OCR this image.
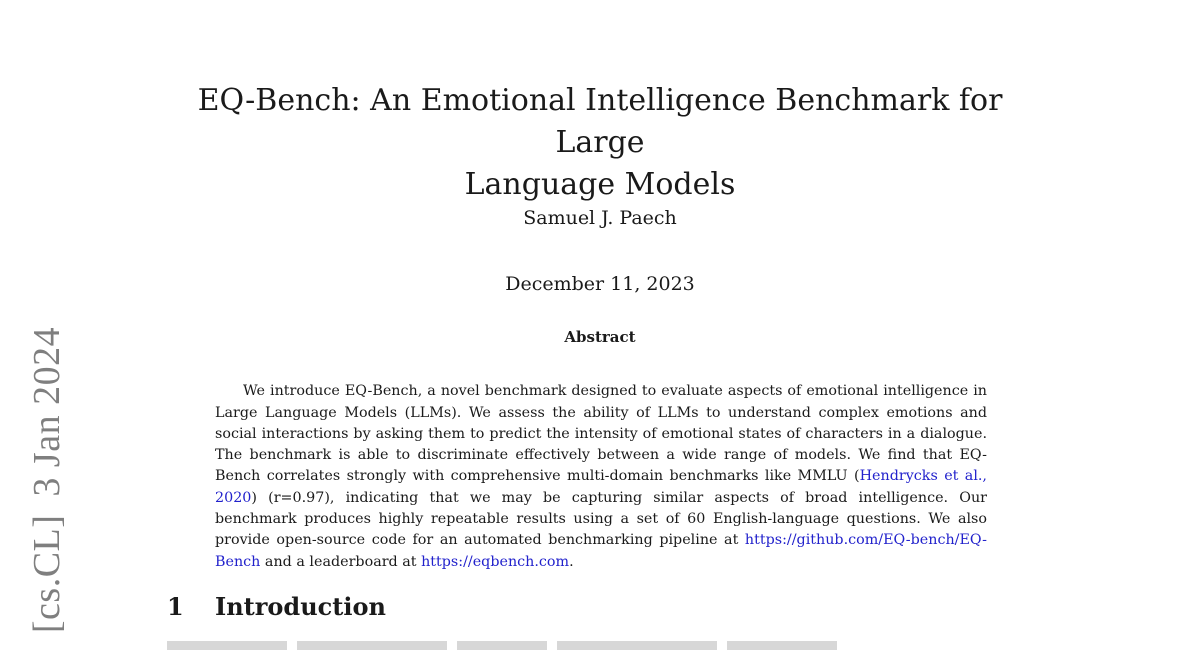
[cs.CL]3 Jan 2024
EQ-Bench: An Emotional Intelligence Benchmark for Large
Language Models
Samuel J. Paech
December 11, 2023
Abstract

We introduce EQ-Bench, a novel benchmark designed to evaluate aspects of emotional intelligence in Large Language Models (LLMs). We assess the ability of LLMs to understand complex emotions and social interactions by asking them to predict the intensity of emotional states of characters in a dialogue. The benchmark is able to discriminate effectively between a wide range of models. We find that EQ-Bench correlates strongly with comprehensive multi-domain benchmarks like MMLU (Hendrycks et al., 2020) (r=0.97), indicating that we may be capturing similar aspects of broad intelligence. Our benchmark produces highly repeatable results using a set of 60 English-language questions. We also provide open-source code for an automated benchmarking pipeline at https://github.com/EQ-bench/EQ-Bench and a leaderboard at https://eqbench.com.

1 Introduction
